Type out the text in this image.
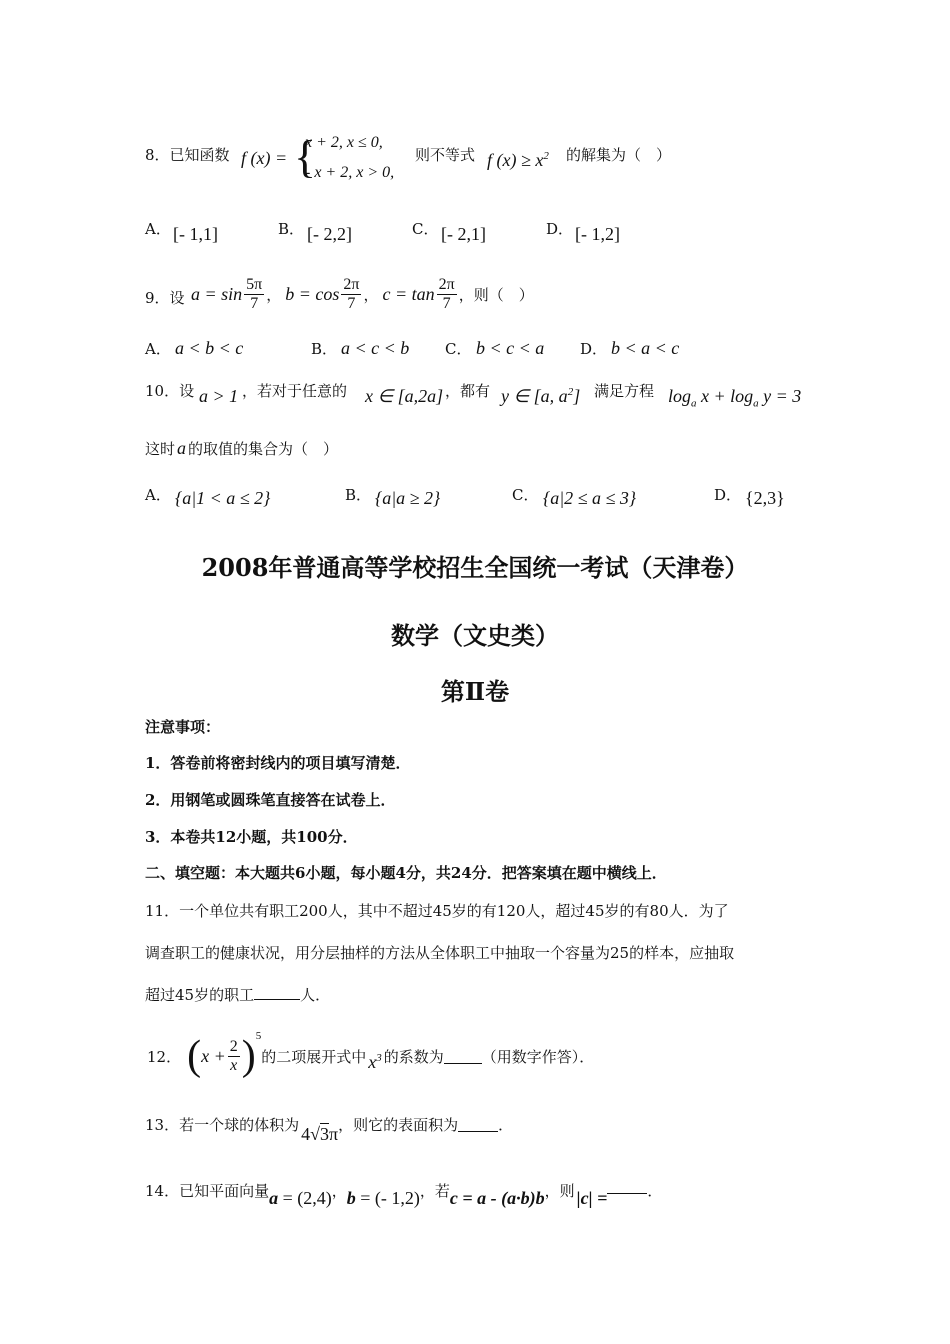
8．已知函数 f (x) = {
x + 2, x ≤ 0,
- x + 2, x > 0,
则不等式 f $(x) \ge x^2$ 的解集为（　）
A． [- 1,1]	B． [- 2,2]	C． [- 2,1]	D． [- 1,2]
9．设 $a = \sin \frac{5\pi}{7}$ ， $b = \cos \frac{2\pi}{7}$ ， $c = \tan \frac{2\pi}{7}$ ，则（　）
A． a < b < c	B． a < c < b C． b < c < a D． b < a < c
10．设 a > 1 ，若对于任意的 x ∈ [a,2a] ，都有 y ∈ [a, $a^2$] 满足方程 $\log_a x + \log_a y = 3$
这时 a 的取值的集合为（　）
A． {a|1 < a ≤ 2}	B． {a|a ≥ 2}	C． {a|2 ≤ a ≤ 3}	D． {2,3}
2008年普通高等学校招生全国统一考试（天津卷）
数学（文史类）
第Ⅱ卷
注意事项：
1．答卷前将密封线内的项目填写清楚．
2．用钢笔或圆珠笔直接答在试卷上．
3．本卷共12小题，共100分．
二、填空题：本大题共6小题，每小题4分，共24分．把答案填在题中横线上．
11．一个单位共有职工200人，其中不超过45岁的有120人，超过45岁的有80人．为了
调查职工的健康状况，用分层抽样的方法从全体职工中抽取一个容量为25的样本，应抽取
超过45岁的职工	人．
12． ( $x + \frac{2}{x}$ ) 5
的二项展开式中 $x^3$ 的系数为	（用数字作答）．
13．若一个球的体积为 4√3π ，则它的表面积为	．
14．已知平面向量 a = (2,4) ， b = (- 1,2) ，若 c = a - (a·b)b ，则 |c| =	．
